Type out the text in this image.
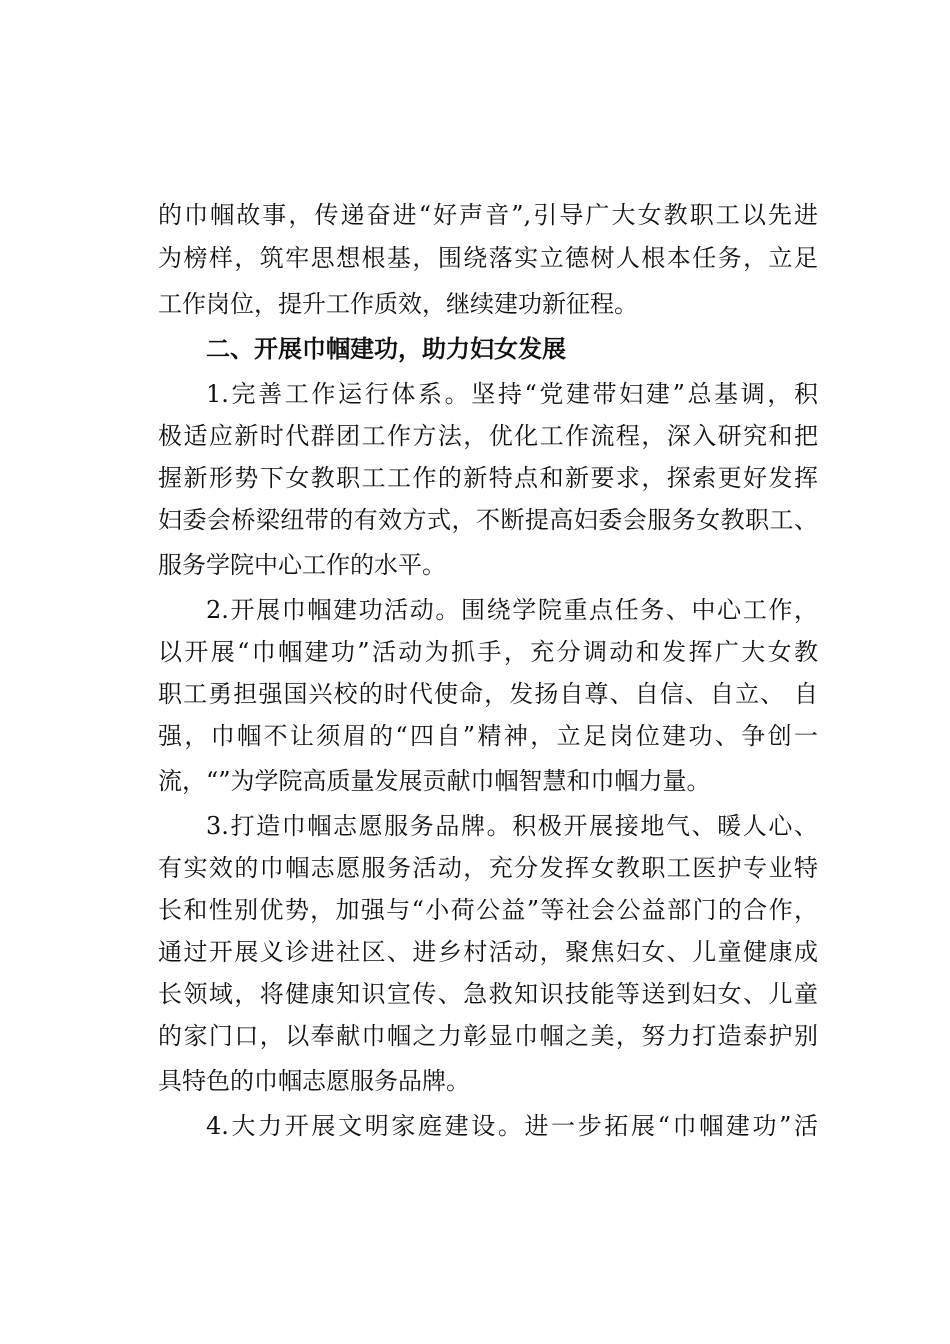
的巾帼故事，传递奋进“好声音”,引导广大女教职工以先进
为榜样，筑牢思想根基，围绕落实立德树人根本任务，立足
工作岗位，提升工作质效，继续建功新征程。
二、开展巾帼建功，助力妇女发展
1.完善工作运行体系。坚持“党建带妇建”总基调，积
极适应新时代群团工作方法，优化工作流程，深入研究和把
握新形势下女教职工工作的新特点和新要求，探索更好发挥
妇委会桥梁纽带的有效方式，不断提高妇委会服务女教职工、
服务学院中心工作的水平。
2.开展巾帼建功活动。围绕学院重点任务、中心工作，
以开展“巾帼建功”活动为抓手，充分调动和发挥广大女教
职工勇担强国兴校的时代使命，发扬自尊、自信、自立、 自
强，巾帼不让须眉的“四自”精神，立足岗位建功、争创一
流，“”为学院高质量发展贡献巾帼智慧和巾帼力量。
3.打造巾帼志愿服务品牌。积极开展接地气、暖人心、
有实效的巾帼志愿服务活动，充分发挥女教职工医护专业特
长和性别优势，加强与“小荷公益”等社会公益部门的合作，
通过开展义诊进社区、进乡村活动，聚焦妇女、儿童健康成
长领域，将健康知识宣传、急救知识技能等送到妇女、儿童
的家门口，以奉献巾帼之力彰显巾帼之美，努力打造泰护别
具特色的巾帼志愿服务品牌。
4.大力开展文明家庭建设。进一步拓展“巾帼建功”活
